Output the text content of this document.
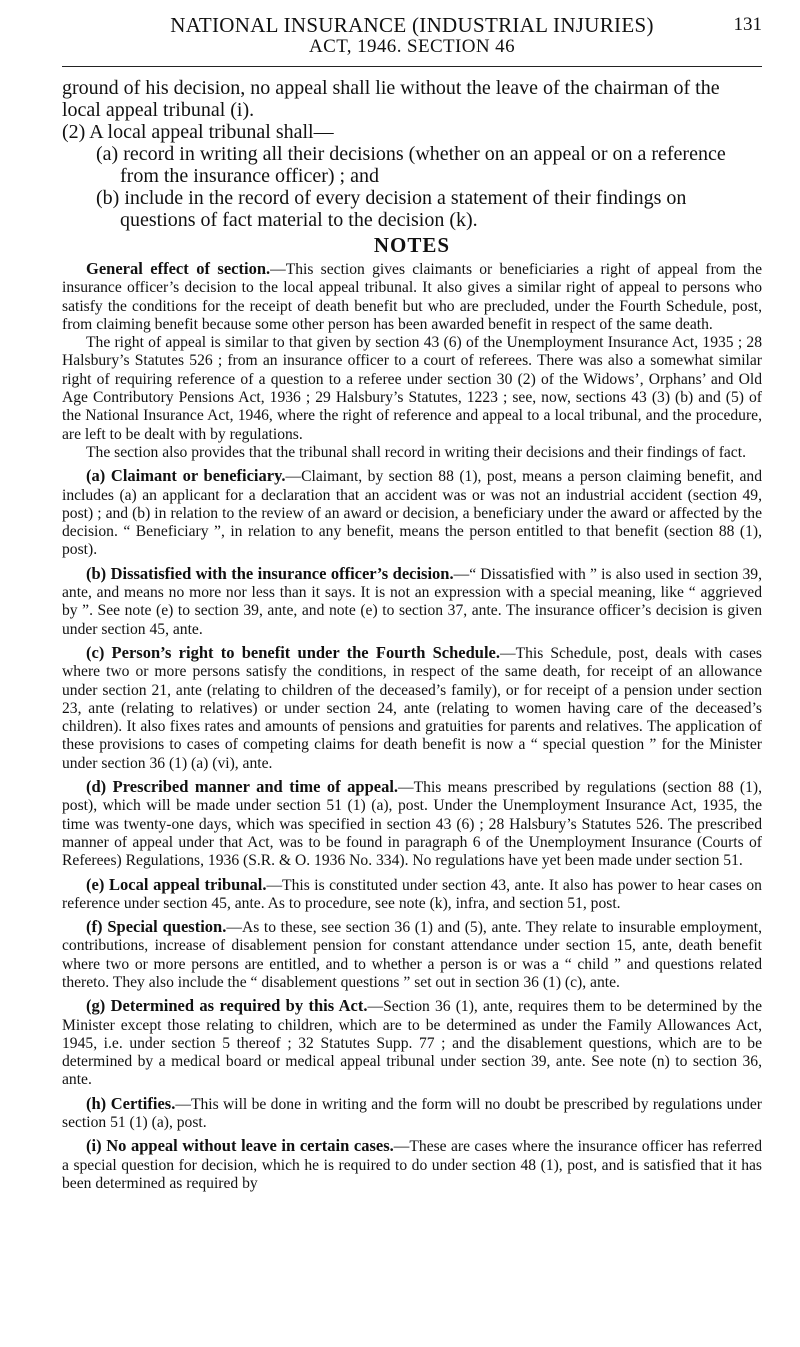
NATIONAL INSURANCE (INDUSTRIAL INJURIES)
ACT, 1946. SECTION 46
131

ground of his decision, no appeal shall lie without the leave of the chairman of the local appeal tribunal (i).

(2) A local appeal tribunal shall—

(a) record in writing all their decisions (whether on an appeal or on a reference from the insurance officer) ; and

(b) include in the record of every decision a statement of their findings on questions of fact material to the decision (k).

NOTES

General effect of section.—This section gives claimants or beneficiaries a right of appeal from the insurance officer’s decision to the local appeal tribunal. It also gives a similar right of appeal to persons who satisfy the conditions for the receipt of death benefit but who are precluded, under the Fourth Schedule, post, from claiming benefit because some other person has been awarded benefit in respect of the same death.

The right of appeal is similar to that given by section 43 (6) of the Unemployment Insurance Act, 1935 ; 28 Halsbury’s Statutes 526 ; from an insurance officer to a court of referees. There was also a somewhat similar right of requiring reference of a question to a referee under section 30 (2) of the Widows’, Orphans’ and Old Age Contributory Pensions Act, 1936 ; 29 Halsbury’s Statutes, 1223 ; see, now, sections 43 (3) (b) and (5) of the National Insurance Act, 1946, where the right of reference and appeal to a local tribunal, and the procedure, are left to be dealt with by regulations.

The section also provides that the tribunal shall record in writing their decisions and their findings of fact.

(a) Claimant or beneficiary.—Claimant, by section 88 (1), post, means a person claiming benefit, and includes (a) an applicant for a declaration that an accident was or was not an industrial accident (section 49, post) ; and (b) in relation to the review of an award or decision, a beneficiary under the award or affected by the decision. “ Beneficiary ”, in relation to any benefit, means the person entitled to that benefit (section 88 (1), post).

(b) Dissatisfied with the insurance officer’s decision.—“ Dissatisfied with ” is also used in section 39, ante, and means no more nor less than it says. It is not an expression with a special meaning, like “ aggrieved by ”. See note (e) to section 39, ante, and note (e) to section 37, ante. The insurance officer’s decision is given under section 45, ante.

(c) Person’s right to benefit under the Fourth Schedule.—This Schedule, post, deals with cases where two or more persons satisfy the conditions, in respect of the same death, for receipt of an allowance under section 21, ante (relating to children of the deceased’s family), or for receipt of a pension under section 23, ante (relating to relatives) or under section 24, ante (relating to women having care of the deceased’s children). It also fixes rates and amounts of pensions and gratuities for parents and relatives. The application of these provisions to cases of competing claims for death benefit is now a “ special question ” for the Minister under section 36 (1) (a) (vi), ante.

(d) Prescribed manner and time of appeal.—This means prescribed by regulations (section 88 (1), post), which will be made under section 51 (1) (a), post. Under the Unemployment Insurance Act, 1935, the time was twenty-one days, which was specified in section 43 (6) ; 28 Halsbury’s Statutes 526. The prescribed manner of appeal under that Act, was to be found in paragraph 6 of the Unemployment Insurance (Courts of Referees) Regulations, 1936 (S.R. & O. 1936 No. 334). No regulations have yet been made under section 51.

(e) Local appeal tribunal.—This is constituted under section 43, ante. It also has power to hear cases on reference under section 45, ante. As to procedure, see note (k), infra, and section 51, post.

(f) Special question.—As to these, see section 36 (1) and (5), ante. They relate to insurable employment, contributions, increase of disablement pension for constant attendance under section 15, ante, death benefit where two or more persons are entitled, and to whether a person is or was a “ child ” and questions related thereto. They also include the “ disablement questions ” set out in section 36 (1) (c), ante.

(g) Determined as required by this Act.—Section 36 (1), ante, requires them to be determined by the Minister except those relating to children, which are to be determined as under the Family Allowances Act, 1945, i.e. under section 5 thereof ; 32 Statutes Supp. 77 ; and the disablement questions, which are to be determined by a medical board or medical appeal tribunal under section 39, ante. See note (n) to section 36, ante.

(h) Certifies.—This will be done in writing and the form will no doubt be prescribed by regulations under section 51 (1) (a), post.

(i) No appeal without leave in certain cases.—These are cases where the insurance officer has referred a special question for decision, which he is required to do under section 48 (1), post, and is satisfied that it has been determined as required by
